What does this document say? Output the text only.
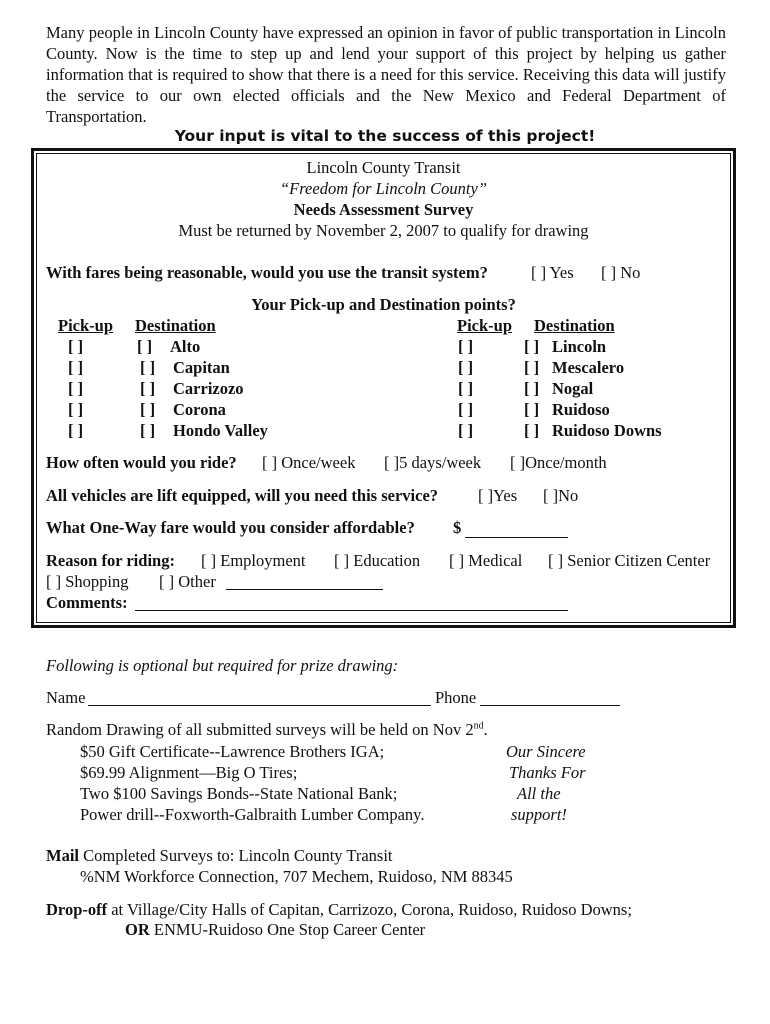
Many people in Lincoln County have expressed an opinion in favor of public transportation in Lincoln County. Now is the time to step up and lend your support of this project by helping us gather information that is required to show that there is a need for this service. Receiving this data will justify the service to our own elected officials and the New Mexico and Federal Department of Transportation.
Your input is vital to the success of this project!
Lincoln County Transit
“Freedom for Lincoln County”
Needs Assessment Survey
Must be returned by November 2, 2007 to qualify for drawing
With fares being reasonable, would you use the transit system?	[ ] Yes [ ] No
Your Pick-up and Destination points?
Pick-up Destination	Pick-up Destination
[ ]	[ ] Alto
[ ]	[ ] Capitan
[ ]	[ ] Carrizozo
[ ]	[ ] Corona
[ ]	[ ] Hondo Valley
[ ]	[ ] Lincoln
[ ]	[ ] Mescalero
[ ]	[ ] Nogal
[ ]	[ ] Ruidoso
[ ]	[ ] Ruidoso Downs
How often would you ride? [ ] Once/week [ ]5 days/week [ ]Once/month
All vehicles are lift equipped, will you need this service? [ ]Yes [ ]No
What One-Way fare would you consider affordable? $
Reason for riding: [ ] Employment [ ] Education [ ] Medical [ ] Senior Citizen Center
[ ] Shopping [ ] Other
Comments:
Following is optional but required for prize drawing:
Name	Phone
Random Drawing of all submitted surveys will be held on Nov 2nd.
$50 Gift Certificate--Lawrence Brothers IGA;
$69.99 Alignment—Big O Tires;
Two $100 Savings Bonds--State National Bank;
Power drill--Foxworth-Galbraith Lumber Company.
Our Sincere
Thanks For
All the
support!
Mail Completed Surveys to: Lincoln County Transit
%NM Workforce Connection, 707 Mechem, Ruidoso, NM 88345
Drop-off at Village/City Halls of Capitan, Carrizozo, Corona, Ruidoso, Ruidoso Downs;
OR ENMU-Ruidoso One Stop Career Center
